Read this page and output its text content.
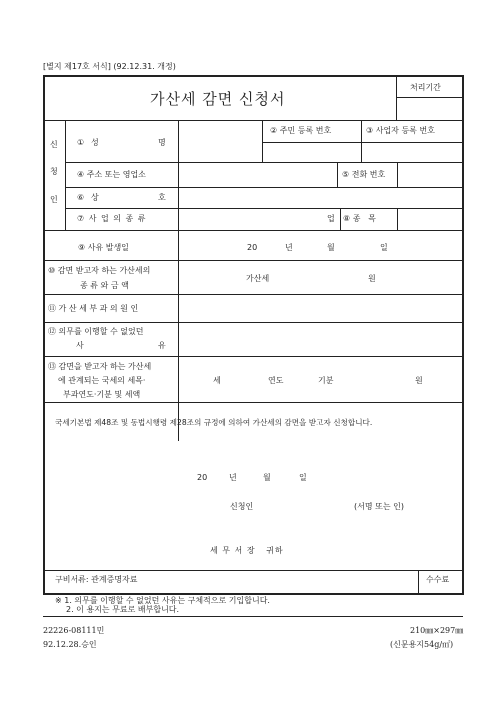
[별지 제17호 서식] (92.12.31. 개정)
가산세 감면 신청서
처리기간
신
청
인
① 성	명
② 주민 등록 번호	③ 사업자 등록 번호
④ 주소 또는 영업소	⑤ 전화 번호
⑥ 상	호
⑦ 사 업 의 종 류	업 ⑧ 종   목
⑨ 사유 발생일	20	년	월	일
⑩ 감면 받고자 하는 가산세의
종 류 와 금 액
가산세	원
⑪ 가 산 세 부 과 의 원 인
⑫ 의무를 이행할 수 없었던
사	유
⑬ 감면을 받고자 하는 가산세
에 관계되는 국세의 세목·
부과연도·기분 및 세액
세	연도	기분	원
국세기본법 제48조 및 동법시행령 제28조의 규정에 의하여 가산세의 감면을 받고자 신청합니다.
20	년	월	일
신청인	(서명 또는 인)
세 무 서 장   귀하
구비서류: 관계증명자료	수수료
※ 1. 의무를 이행할 수 없었던 사유는 구체적으로 기입합니다.
2. 이 용지는 무료로 배부합니다.
22226-08111민
92.12.28.승인
210㎜×297㎜
(신문용지54g/㎡)
